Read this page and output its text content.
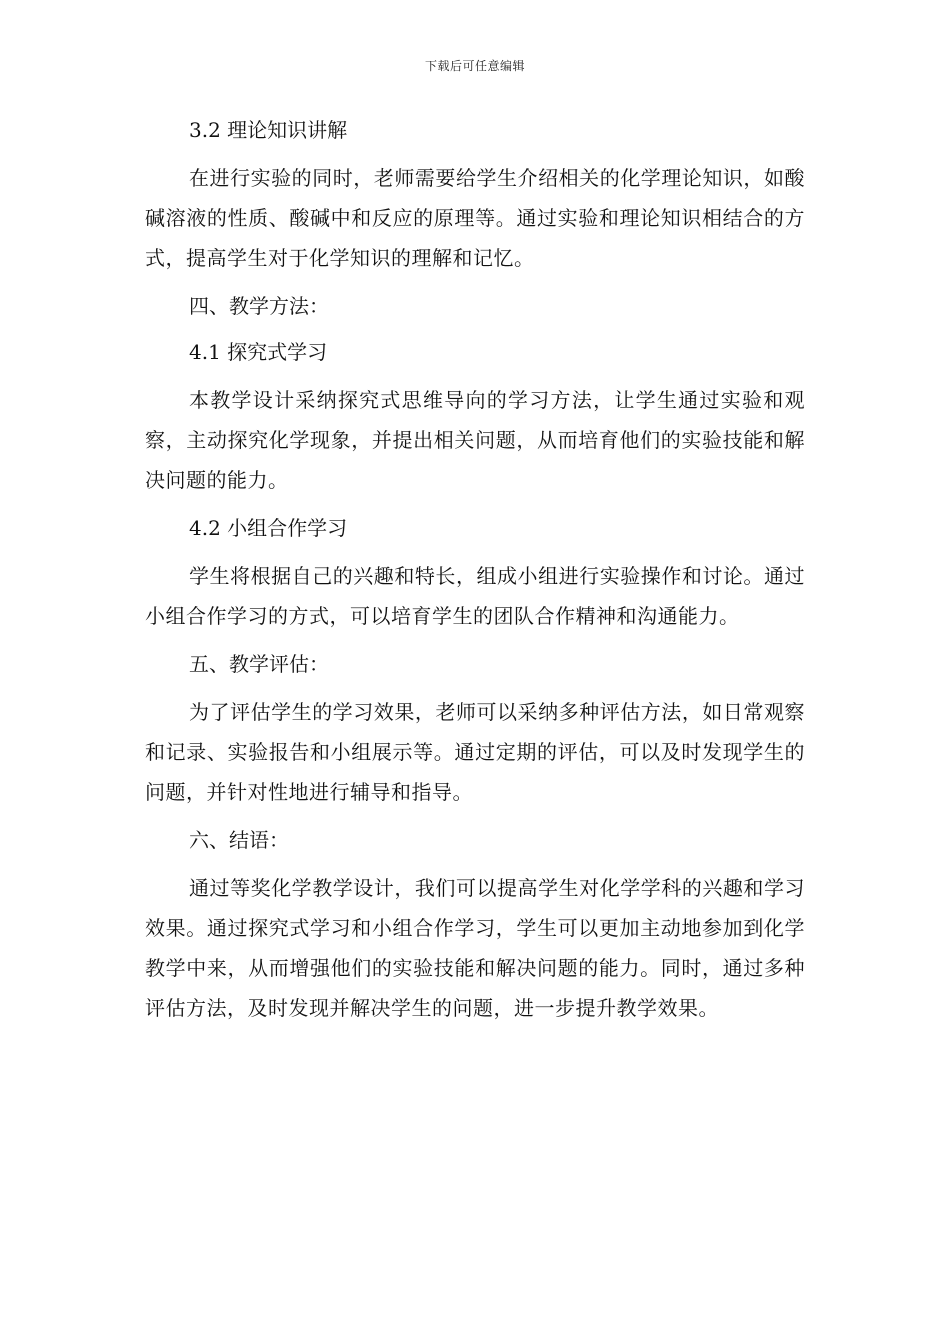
下载后可任意编辑
3.2 理论知识讲解

在进行实验的同时，老师需要给学生介绍相关的化学理论知识，如酸碱溶液的性质、酸碱中和反应的原理等。通过实验和理论知识相结合的方式，提高学生对于化学知识的理解和记忆。

四、教学方法：
4.1 探究式学习

本教学设计采纳探究式思维导向的学习方法，让学生通过实验和观察，主动探究化学现象，并提出相关问题，从而培育他们的实验技能和解决问题的能力。

4.2 小组合作学习

学生将根据自己的兴趣和特长，组成小组进行实验操作和讨论。通过小组合作学习的方式，可以培育学生的团队合作精神和沟通能力。

五、教学评估：

为了评估学生的学习效果，老师可以采纳多种评估方法，如日常观察和记录、实验报告和小组展示等。通过定期的评估，可以及时发现学生的问题，并针对性地进行辅导和指导。

六、结语：

通过等奖化学教学设计，我们可以提高学生对化学学科的兴趣和学习效果。通过探究式学习和小组合作学习，学生可以更加主动地参加到化学教学中来，从而增强他们的实验技能和解决问题的能力。同时，通过多种评估方法，及时发现并解决学生的问题，进一步提升教学效果。
